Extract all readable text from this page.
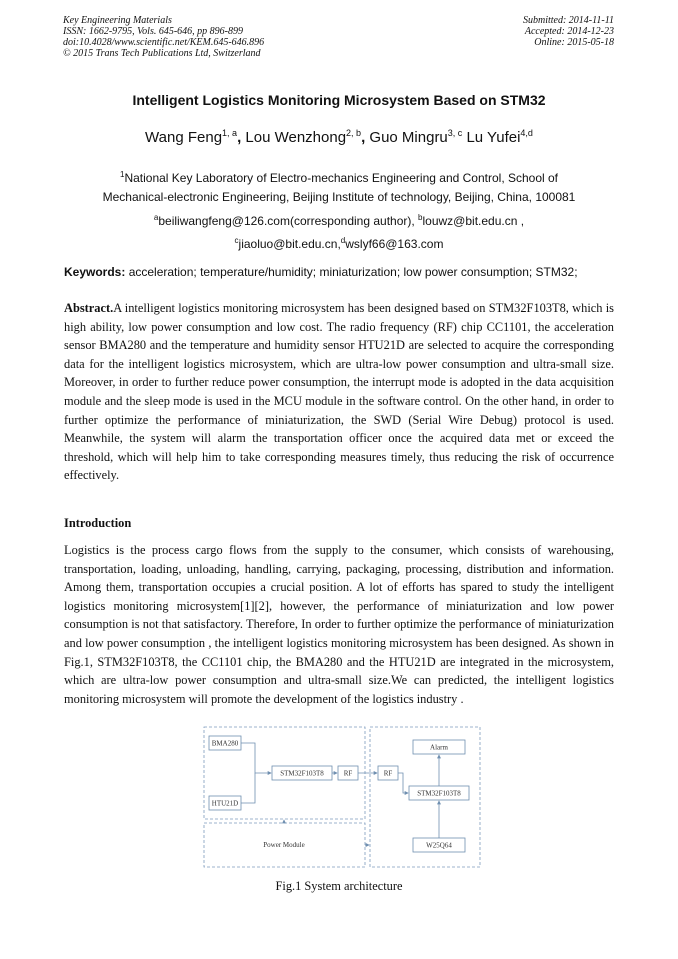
Key Engineering Materials
ISSN: 1662-9795, Vols. 645-646, pp 896-899
doi:10.4028/www.scientific.net/KEM.645-646.896
© 2015 Trans Tech Publications Ltd, Switzerland
Submitted: 2014-11-11
Accepted: 2014-12-23
Online: 2015-05-18
Intelligent Logistics Monitoring Microsystem Based on STM32
Wang Feng$^{1, a}$, Lou Wenzhong$^{2, b}$, Guo Mingru$^{3, c}$ Lu Yufei$^{4,d}$
$^1$National Key Laboratory of Electro-mechanics Engineering and Control, School of
Mechanical-electronic Engineering, Beijing Institute of technology, Beijing, China, 100081
$^a$beiliwangfeng@126.com(corresponding author), $^b$louwz@bit.edu.cn ,
$^c$jiaoluo@bit.edu.cn,$^d$wslyf66@163.com
Keywords: acceleration; temperature/humidity; miniaturization; low power consumption; STM32;
Abstract.A intelligent logistics monitoring microsystem has been designed based on STM32F103T8, which is high ability, low power consumption and low cost. The radio frequency (RF) chip CC1101, the acceleration sensor BMA280 and the temperature and humidity sensor HTU21D are selected to acquire the corresponding data for the intelligent logistics microsystem, which are ultra-low power consumption and ultra-small size. Moreover, in order to further reduce power consumption, the interrupt mode is adopted in the data acquisition module and the sleep mode is used in the MCU module in the software control. On the other hand, in order to further optimize the performance of miniaturization, the SWD (Serial Wire Debug) protocol is used. Meanwhile, the system will alarm the transportation officer once the acquired data met or exceed the threshold, which will help him to take corresponding measures timely, thus reducing the risk of occurrence effectively.
Introduction
Logistics is the process cargo flows from the supply to the consumer, which consists of warehousing, transportation, loading, unloading, handling, carrying, packaging, processing, distribution and information. Among them, transportation occupies a crucial position. A lot of efforts has spared to study the intelligent logistics monitoring microsystem[1][2], however, the performance of miniaturization and low power consumption is not that satisfactory. Therefore, In order to further optimize the performance of miniaturization and low power consumption , the intelligent logistics monitoring microsystem has been designed. As shown in Fig.1, STM32F103T8, the CC1101 chip, the BMA280 and the HTU21D are integrated in the microsystem, which are ultra-low power consumption and ultra-small size.We can predicted, the intelligent logistics monitoring microsystem will promote the development of the logistics industry .
BMA280
HTU21D
STM32F103T8	RF	RF
Alarm
STM32F103T8
W25Q64
Power Module
Fig.1 System architecture
